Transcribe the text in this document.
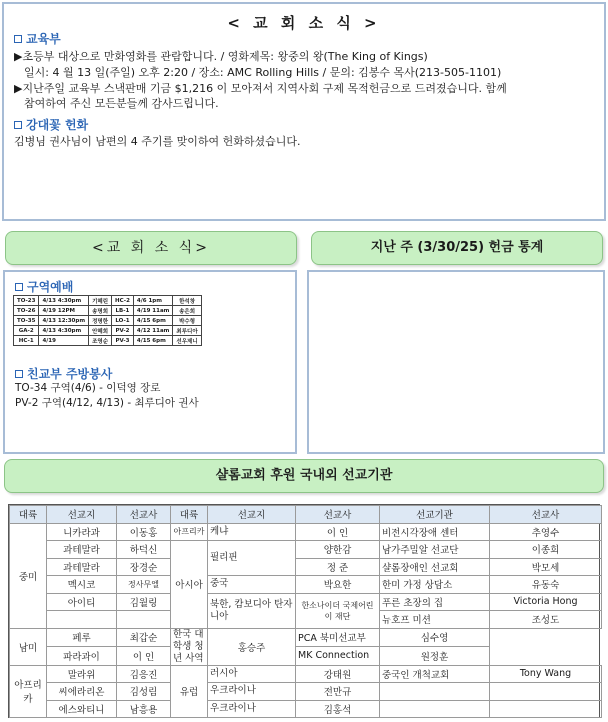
< 교 회 소 식 >
교육부
▶초등부 대상으로 만화영화를 관람합니다. / 영화제목: 왕중의 왕(The King of Kings)
일시: 4 월 13 일(주일) 오후 2:20 / 장소: AMC Rolling Hills / 문의: 김봉수 목사(213-505-1101)
▶지난주일 교육부 스낵판매 기금 $1,216 이 모아져서 지역사회 구제 목적헌금으로 드려졌습니다. 함께
참여하여 주신 모든분들께 감사드립니다.
강대꽃 헌화
김병님 권사님이 남편의 4 주기를 맞이하여 헌화하셨습니다.
<교 회 소 식>	지난 주 (3/30/25) 헌금 통계
구역예배
TO-23	4/13 4:30pm	기혜린	HC-2	4/6 1pm	한석창
TO-26	4/19 12PM	송명희	LB-1	4/19 11am	송은희
TO-35	4/13 12:30pm	정명한	LO-1	4/15 6pm	박수형
GA-2	4/13 4:30pm	안혜희	PV-2	4/12 11am	최루디아
HC-1	4/19	조영순	PV-3	4/15 6pm	선우제니
친교부 주방봉사
TO-34 구역(4/6) - 이덕영 장로
PV-2 구역(4/12, 4/13) - 최루디아 권사
샬롬교회 후원 국내외 선교기관
대륙	선교지	선교사	대륙	선교지	선교사	선교기관	선교사
중미	니카라과	이동홍	아프리카	케냐	이 인	비전시각장애 센터	추영수
	과테말라	하덕신	아시아	필리핀	양한감	남가주밀알 선교단	이종희
	과테말라	장경순			정 준	샬롬장애인 선교회	박모세
	멕시코	정사무엘		중국	박요한	한미 가정 상담소	유동숙
	아이티	김월링		북한, 캄보디아 탄자니아	한소나이더 국제어린이 재단	푸른 초장의 집	Victoria Hong
						뉴호프 미션	조성도
남미	페루	최갑순	한국 대학생 청년 사역	홍승주	PCA 북미선교부	심수영	
	파라과이	이 인			MK Connection	원정훈	
아프리카	말라위	김응진	유럽	러시아	강태원	중국인 개척교회	Tony Wang
	씨에라리온	김성림		우크라이나	전만규		
	에스와티니	남흥용		우크라이나	김홍석		
